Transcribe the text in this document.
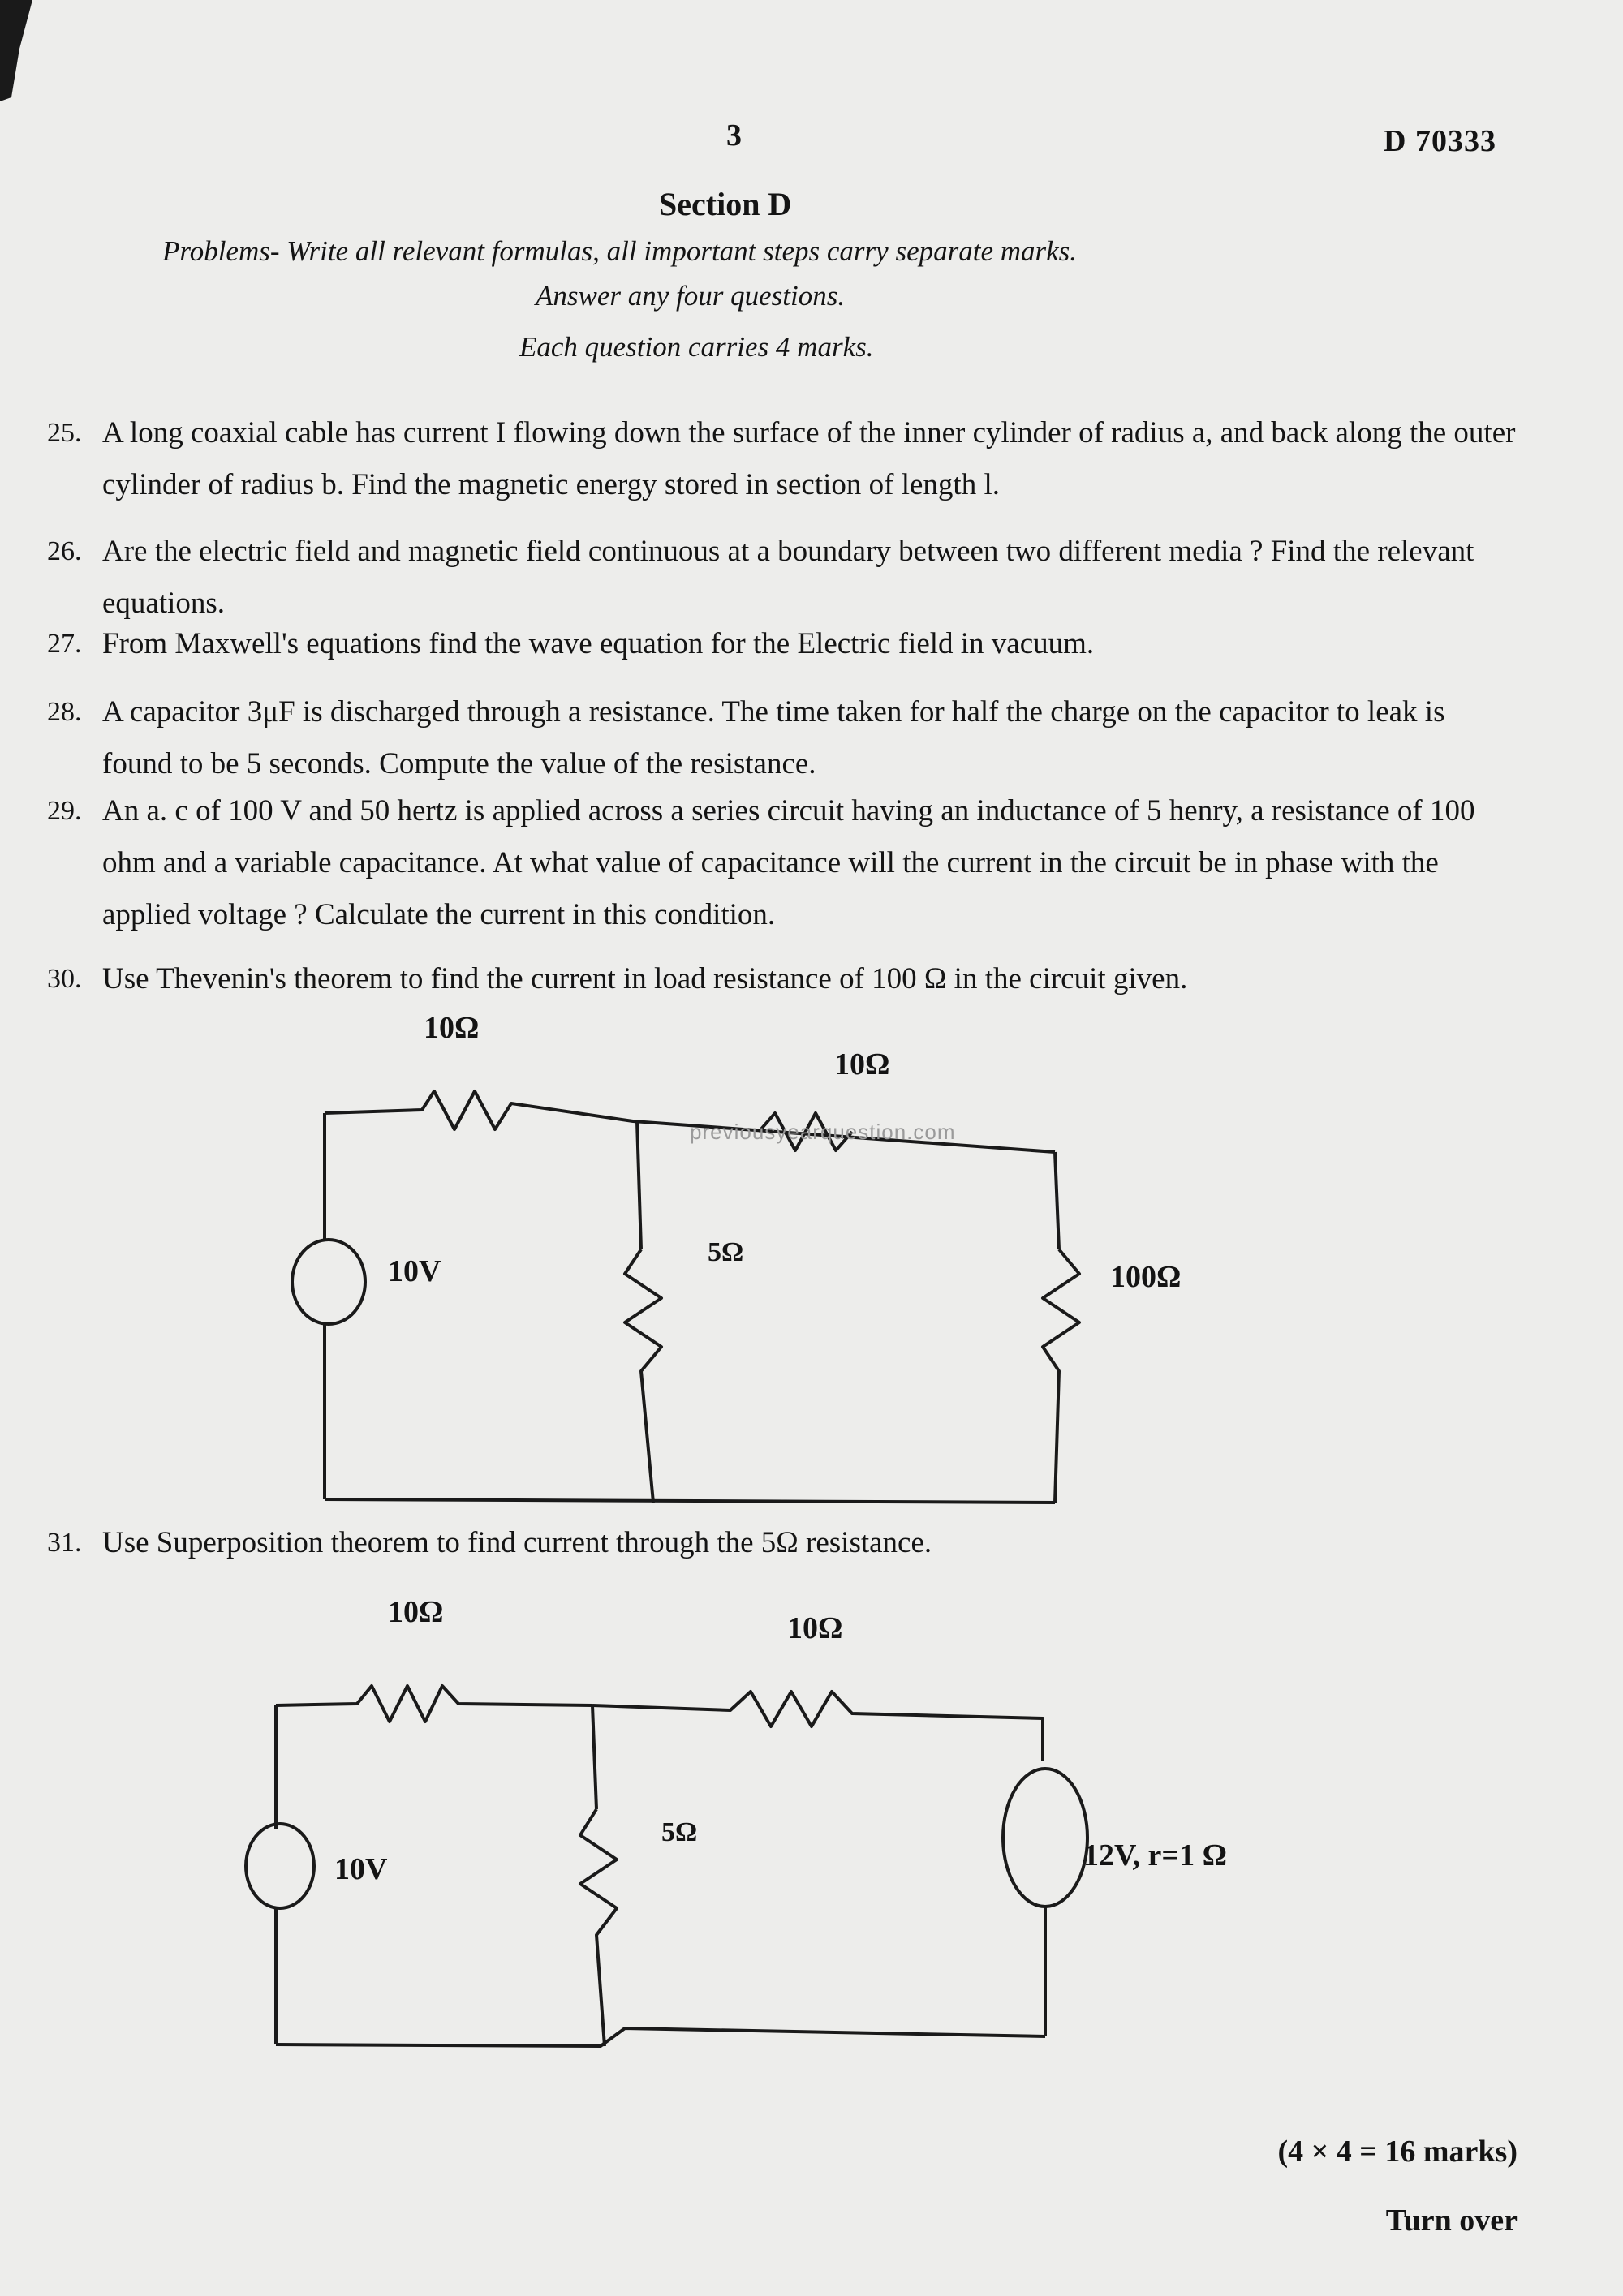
3	D 70333
Section D
Problems- Write all relevant formulas, all important steps carry separate marks.
Answer any four questions.
Each question carries 4 marks.
25. A long coaxial cable has current I flowing down the surface of the inner cylinder of radius a, and back along the outer cylinder of radius b. Find the magnetic energy stored in section of length l.
26. Are the electric field and magnetic field continuous at a boundary between two different media ? Find the relevant equations.
27. From Maxwell's equations find the wave equation for the Electric field in vacuum.
28. A capacitor 3μF is discharged through a resistance. The time taken for half the charge on the capacitor to leak is found to be 5 seconds. Compute the value of the resistance.
29. An a. c of 100 V and 50 hertz is applied across a series circuit having an inductance of 5 henry, a resistance of 100 ohm and a variable capacitance. At what value of capacitance will the current in the circuit be in phase with the applied voltage ? Calculate the current in this condition.
30. Use Thevenin's theorem to find the current in load resistance of 100 Ω in the circuit given.
10Ω
10Ω
10V
5Ω
100Ω
previousyearquestion.com
31. Use Superposition theorem to find current through the 5Ω resistance.
10Ω	10Ω
10V
5Ω
12V, r=1 Ω
(4 × 4 = 16 marks)
Turn over
